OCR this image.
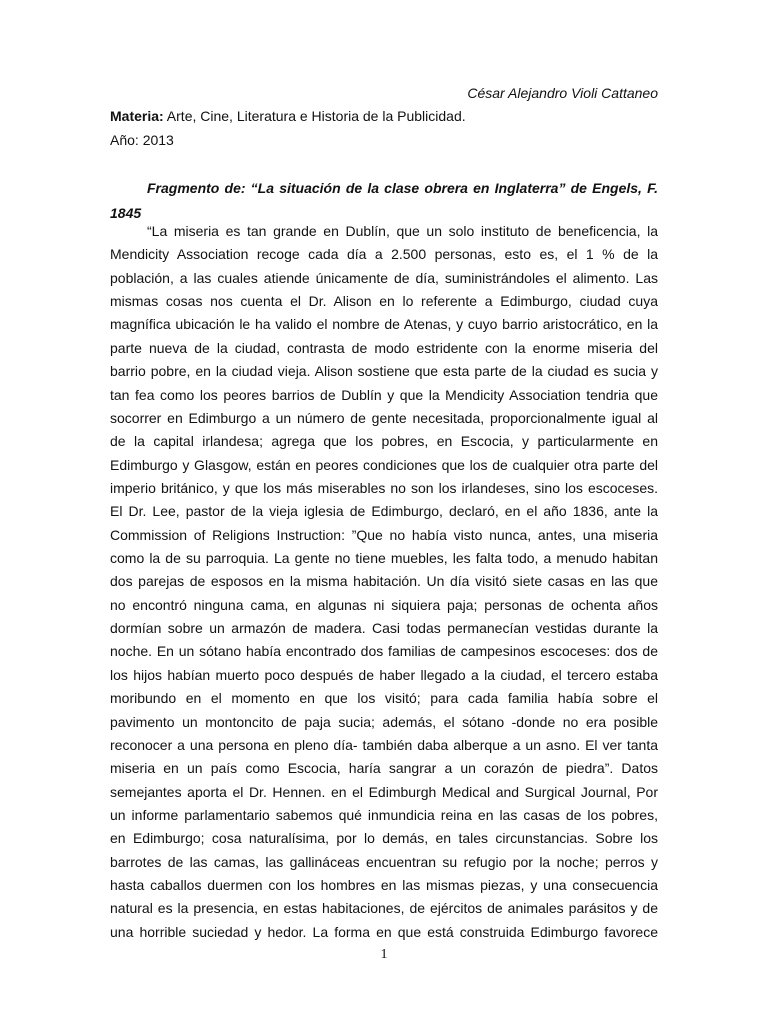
César Alejandro Violi Cattaneo
Materia: Arte, Cine, Literatura e Historia de la Publicidad.
Año: 2013
Fragmento de: “La situación de la clase obrera en Inglaterra” de Engels, F. 1845
“La miseria es tan grande en Dublín, que un solo instituto de beneficencia, la
Mendicity Association recoge cada día a 2.500 personas, esto es, el 1 % de la
población, a las cuales atiende únicamente de día, suministrándoles el alimento. Las
mismas cosas nos cuenta el Dr. Alison en lo referente a Edimburgo, ciudad cuya
magnífica ubicación le ha valido el nombre de Atenas, y cuyo barrio aristocrático, en la
parte nueva de la ciudad, contrasta de modo estridente con la enorme miseria del
barrio pobre, en la ciudad vieja. Alison sostiene que esta parte de la ciudad es sucia y
tan fea como los peores barrios de Dublín y que la Mendicity Association tendria que
socorrer en Edimburgo a un número de gente necesitada, proporcionalmente igual al
de la capital irlandesa; agrega que los pobres, en Escocia, y particularmente en
Edimburgo y Glasgow, están en peores condiciones que los de cualquier otra parte del
imperio británico, y que los más miserables no son los irlandeses, sino los escoceses.
El Dr. Lee, pastor de la vieja iglesia de Edimburgo, declaró, en el año 1836, ante la
Commission of Religions Instruction: ”Que no había visto nunca, antes, una miseria
como la de su parroquia. La gente no tiene muebles, les falta todo, a menudo habitan
dos parejas de esposos en la misma habitación. Un día visitó siete casas en las que
no encontró ninguna cama, en algunas ni siquiera paja; personas de ochenta años
dormían sobre un armazón de madera. Casi todas permanecían vestidas durante la
noche. En un sótano había encontrado dos familias de campesinos escoceses: dos de
los hijos habían muerto poco después de haber llegado a la ciudad, el tercero estaba
moribundo en el momento en que los visitó; para cada familia había sobre el
pavimento un montoncito de paja sucia; además, el sótano -donde no era posible
reconocer a una persona en pleno día- también daba alberque a un asno. El ver tanta
miseria en un país como Escocia, haría sangrar a un corazón de piedra”. Datos
semejantes aporta el Dr. Hennen. en el Edimburgh Medical and Surgical Journal, Por
un informe parlamentario sabemos qué inmundicia reina en las casas de los pobres,
en Edimburgo; cosa naturalísima, por lo demás, en tales circunstancias. Sobre los
barrotes de las camas, las gallináceas encuentran su refugio por la noche; perros y
hasta caballos duermen con los hombres en las mismas piezas, y una consecuencia
natural es la presencia, en estas habitaciones, de ejércitos de animales parásitos y de
una horrible suciedad y hedor. La forma en que está construida Edimburgo favorece
1
